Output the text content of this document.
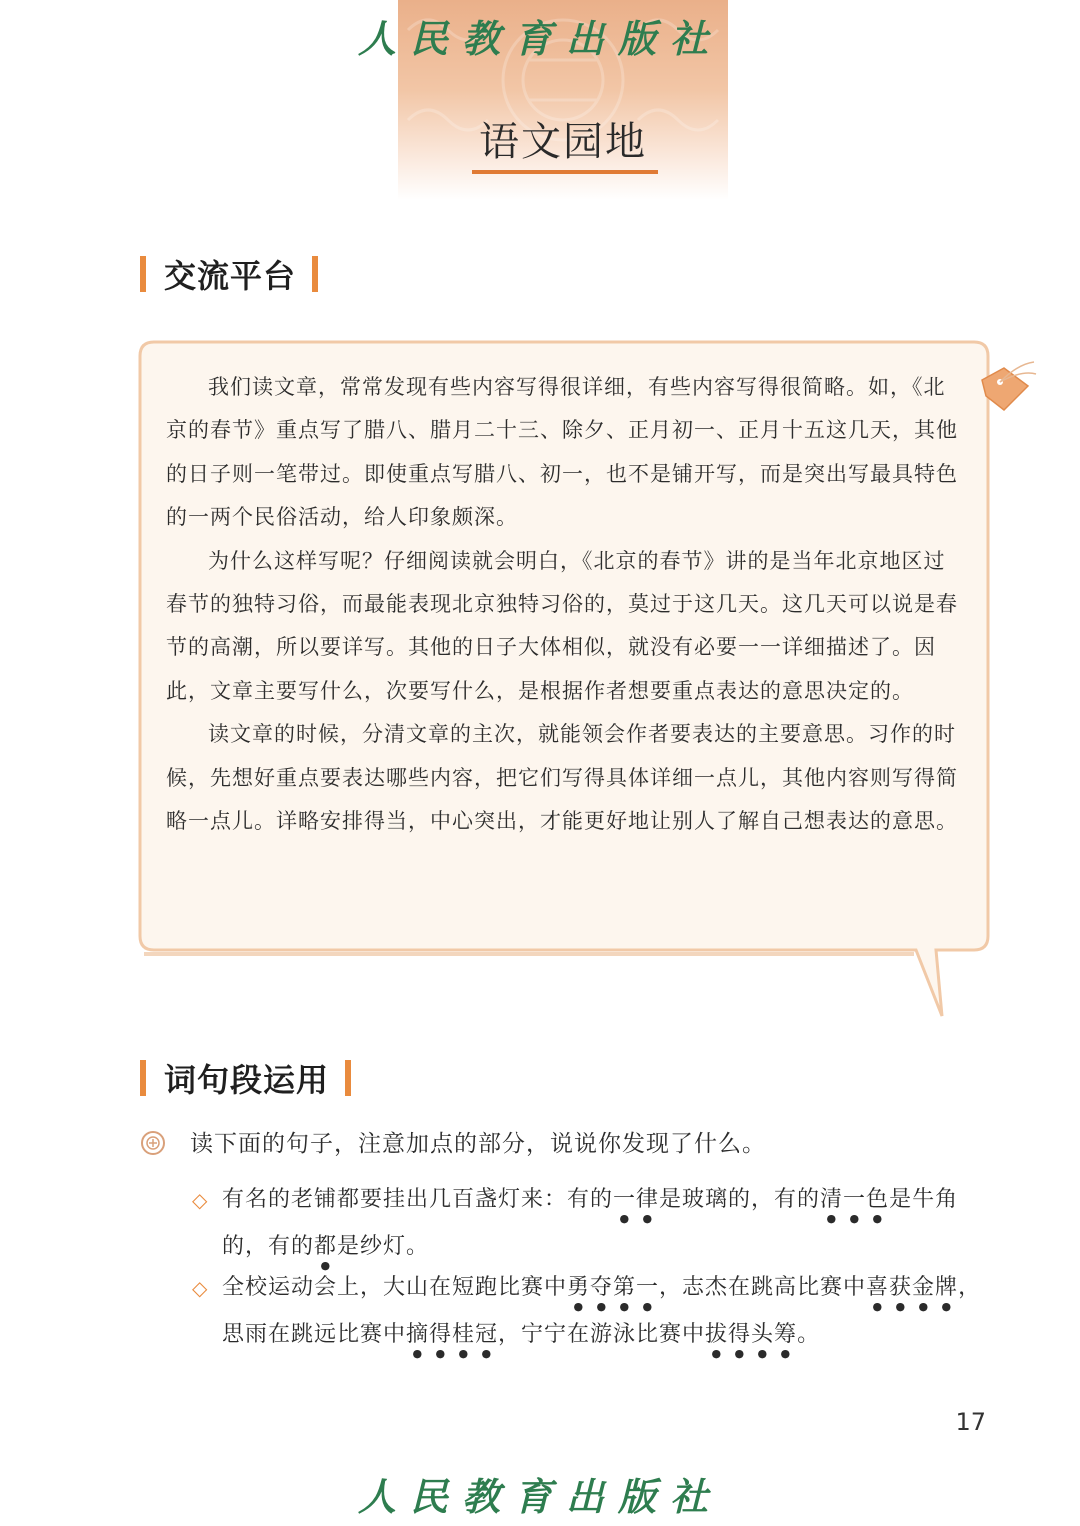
人民教育出版社
语文园地
交流平台

我们读文章，常常发现有些内容写得很详细，有些内容写得很简略。如，《北京的春节》重点写了腊八、腊月二十三、除夕、正月初一、正月十五这几天，其他的日子则一笔带过。即使重点写腊八、初一，也不是铺开写，而是突出写最具特色的一两个民俗活动，给人印象颇深。

为什么这样写呢？仔细阅读就会明白，《北京的春节》讲的是当年北京地区过春节的独特习俗，而最能表现北京独特习俗的，莫过于这几天。这几天可以说是春节的高潮，所以要详写。其他的日子大体相似，就没有必要一一详细描述了。因此，文章主要写什么，次要写什么，是根据作者想要重点表达的意思决定的。

读文章的时候，分清文章的主次，就能领会作者要表达的主要意思。习作的时候，先想好重点要表达哪些内容，把它们写得具体详细一点儿，其他内容则写得简略一点儿。详略安排得当，中心突出，才能更好地让别人了解自己想表达的意思。

词句段运用
读下面的句子，注意加点的部分，说说你发现了什么。
◇ 有名的老铺都要挂出几百盏灯来：有的一律是玻璃的，有的清一色是牛角的，有的都是纱灯。
◇ 全校运动会上，大山在短跑比赛中勇夺第一，志杰在跳高比赛中喜获金牌，思雨在跳远比赛中摘得桂冠，宁宁在游泳比赛中拔得头筹。
17
人民教育出版社
